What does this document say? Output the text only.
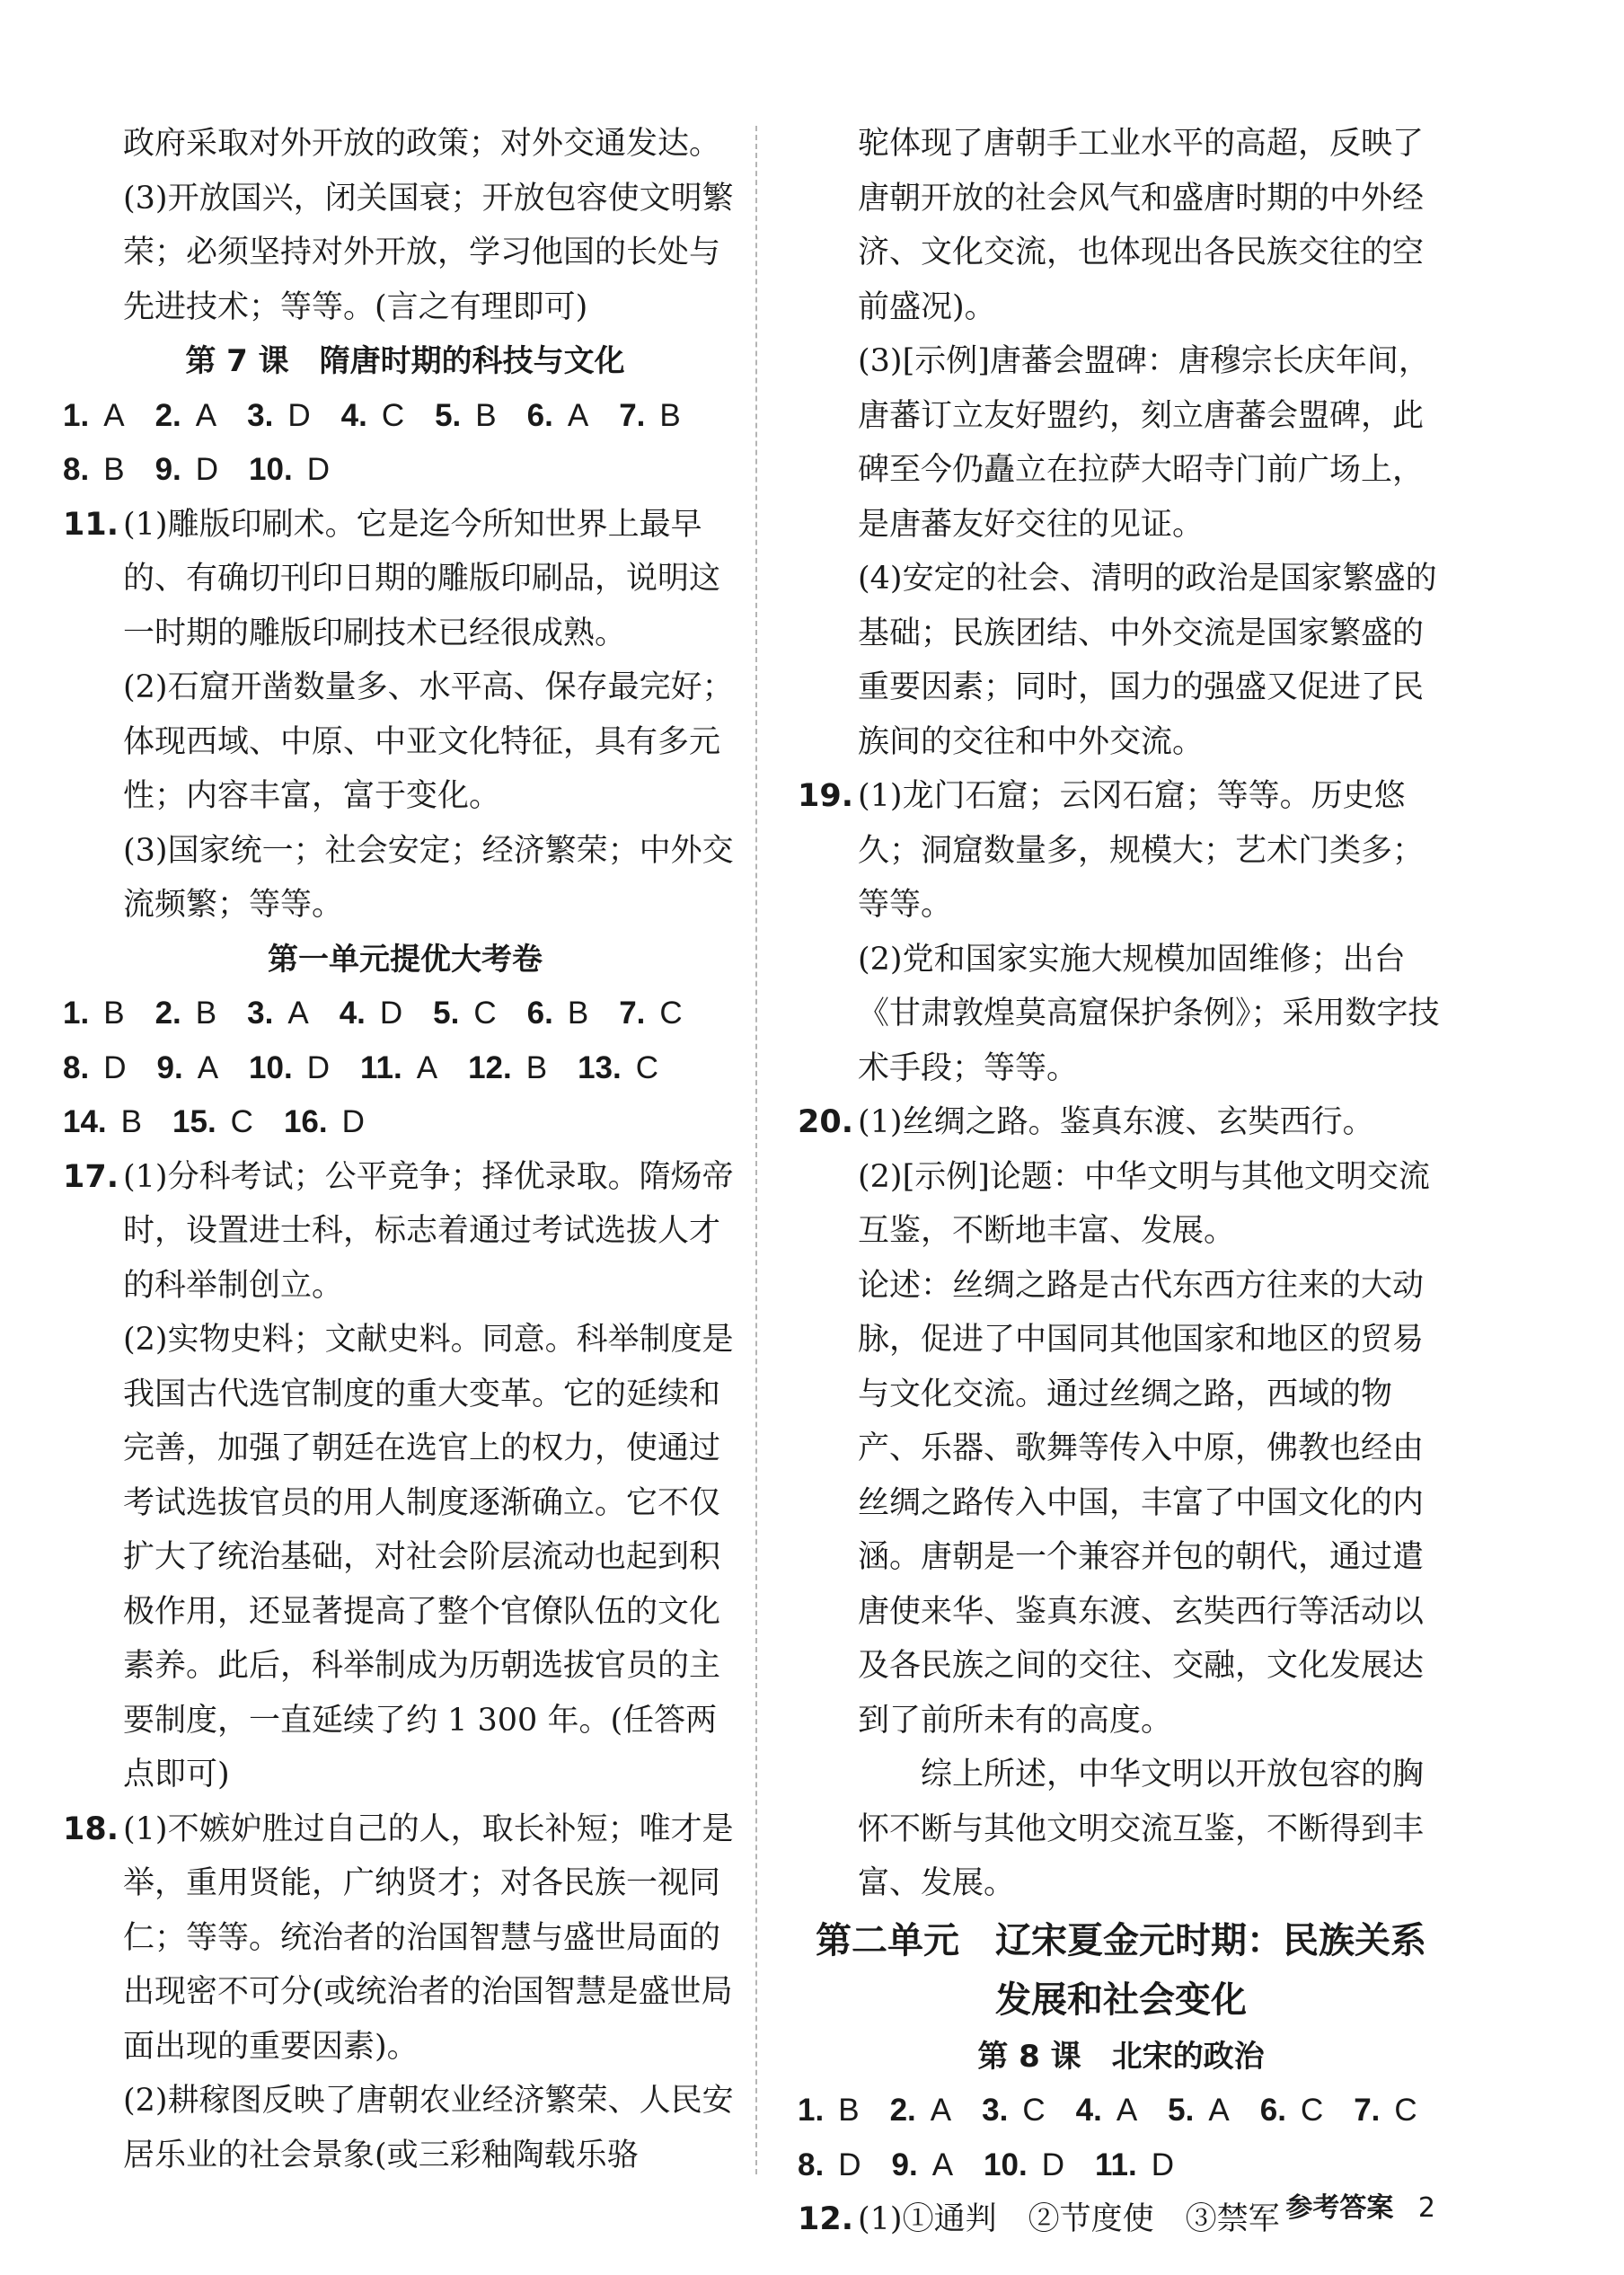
政府采取对外开放的政策；对外交通发达。

(3)开放国兴，闭关国衰；开放包容使文明繁荣；必须坚持对外开放，学习他国的长处与先进技术；等等。(言之有理即可)

第 7 课　隋唐时期的科技与文化
1. A 2. A 3. D 4. C 5. B 6. A 7. B
8. B 9. D 10. D
11. (1)雕版印刷术。它是迄今所知世界上最早的、有确切刊印日期的雕版印刷品，说明这一时期的雕版印刷技术已经很成熟。

(2)石窟开凿数量多、水平高、保存最完好；体现西域、中原、中亚文化特征，具有多元性；内容丰富，富于变化。

(3)国家统一；社会安定；经济繁荣；中外交流频繁；等等。

第一单元提优大考卷
1. B 2. B 3. A 4. D 5. C 6. B 7. C
8. D 9. A 10. D 11. A 12. B 13. C
14. B 15. C 16. D
17. (1)分科考试；公平竞争；择优录取。隋炀帝时，设置进士科，标志着通过考试选拔人才的科举制创立。

(2)实物史料；文献史料。同意。科举制度是我国古代选官制度的重大变革。它的延续和完善，加强了朝廷在选官上的权力，使通过考试选拔官员的用人制度逐渐确立。它不仅扩大了统治基础，对社会阶层流动也起到积极作用，还显著提高了整个官僚队伍的文化素养。此后，科举制成为历朝选拔官员的主要制度，一直延续了约 1 300 年。(任答两点即可)

18. (1)不嫉妒胜过自己的人，取长补短；唯才是举，重用贤能，广纳贤才；对各民族一视同仁；等等。统治者的治国智慧与盛世局面的出现密不可分(或统治者的治国智慧是盛世局面出现的重要因素)。

(2)耕稼图反映了唐朝农业经济繁荣、人民安居乐业的社会景象(或三彩釉陶载乐骆

驼体现了唐朝手工业水平的高超，反映了唐朝开放的社会风气和盛唐时期的中外经济、文化交流，也体现出各民族交往的空前盛况)。

(3)[示例]唐蕃会盟碑：唐穆宗长庆年间，唐蕃订立友好盟约，刻立唐蕃会盟碑，此碑至今仍矗立在拉萨大昭寺门前广场上，是唐蕃友好交往的见证。

(4)安定的社会、清明的政治是国家繁盛的基础；民族团结、中外交流是国家繁盛的重要因素；同时，国力的强盛又促进了民族间的交往和中外交流。

19. (1)龙门石窟；云冈石窟；等等。历史悠久；洞窟数量多，规模大；艺术门类多；等等。

(2)党和国家实施大规模加固维修；出台《甘肃敦煌莫高窟保护条例》；采用数字技术手段；等等。

20. (1)丝绸之路。鉴真东渡、玄奘西行。

(2)[示例]论题：中华文明与其他文明交流互鉴，不断地丰富、发展。

论述：丝绸之路是古代东西方往来的大动脉，促进了中国同其他国家和地区的贸易与文化交流。通过丝绸之路，西域的物产、乐器、歌舞等传入中原，佛教也经由丝绸之路传入中国，丰富了中国文化的内涵。唐朝是一个兼容并包的朝代，通过遣唐使来华、鉴真东渡、玄奘西行等活动以及各民族之间的交往、交融，文化发展达到了前所未有的高度。

综上所述，中华文明以开放包容的胸怀不断与其他文明交流互鉴，不断得到丰富、发展。

第二单元　辽宋夏金元时期：民族关系
发展和社会变化
第 8 课　北宋的政治
1. B 2. A 3. C 4. A 5. A 6. C 7. C
8. D 9. A 10. D 11. D
12. (1)①通判　②节度使　③禁军 参考答案 2
